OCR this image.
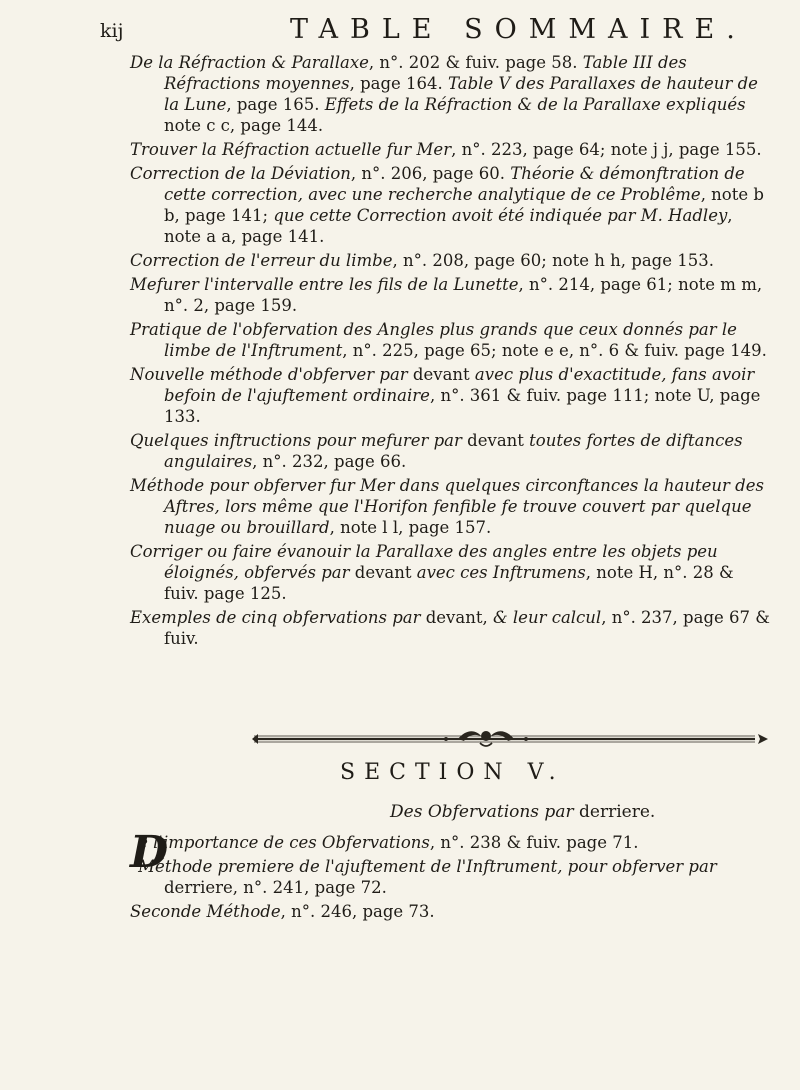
kij	TABLE SOMMAIRE.

De la Réfraction & Parallaxe, n°. 202 & fuiv. page 58. Table III des Réfractions moyennes, page 164. Table V des Parallaxes de hauteur de la Lune, page 165. Effets de la Réfraction & de la Parallaxe expliqués note c c, page 144.

Trouver la Réfraction actuelle fur Mer, n°. 223, page 64; note j j, page 155.

Correction de la Déviation, n°. 206, page 60. Théorie & démonftration de cette correction, avec une recherche analytique de ce Problême, note b b, page 141; que cette Correction avoit été indiquée par M. Hadley, note a a, page 141.

Correction de l'erreur du limbe, n°. 208, page 60; note h h, page 153.

Mefurer l'intervalle entre les fils de la Lunette, n°. 214, page 61; note m m, n°. 2, page 159.

Pratique de l'obfervation des Angles plus grands que ceux donnés par le limbe de l'Inftrument, n°. 225, page 65; note e e, n°. 6 & fuiv. page 149.

Nouvelle méthode d'obferver par devant avec plus d'exactitude, fans avoir befoin de l'ajuftement ordinaire, n°. 361 & fuiv. page 111; note U, page 133.

Quelques inftructions pour mefurer par devant toutes fortes de diftances angulaires, n°. 232, page 66.

Méthode pour obferver fur Mer dans quelques circonftances la hauteur des Aftres, lors même que l'Horifon fenfible fe trouve couvert par quelque nuage ou brouillard, note l l, page 157.

Corriger ou faire évanouir la Parallaxe des angles entre les objets peu éloignés, obfervés par devant avec ces Inftrumens, note H, n°. 28 & fuiv. page 125.

Exemples de cinq obfervations par devant, & leur calcul, n°. 237, page 67 & fuiv.

SECTION V.
Des Obfervations par derriere.

D
e l'importance de ces Obfervations, n°. 238 & fuiv. page 71.

Méthode premiere de l'ajuftement de l'Inftrument, pour obferver par derriere, n°. 241, page 72.

Seconde Méthode, n°. 246, page 73.
